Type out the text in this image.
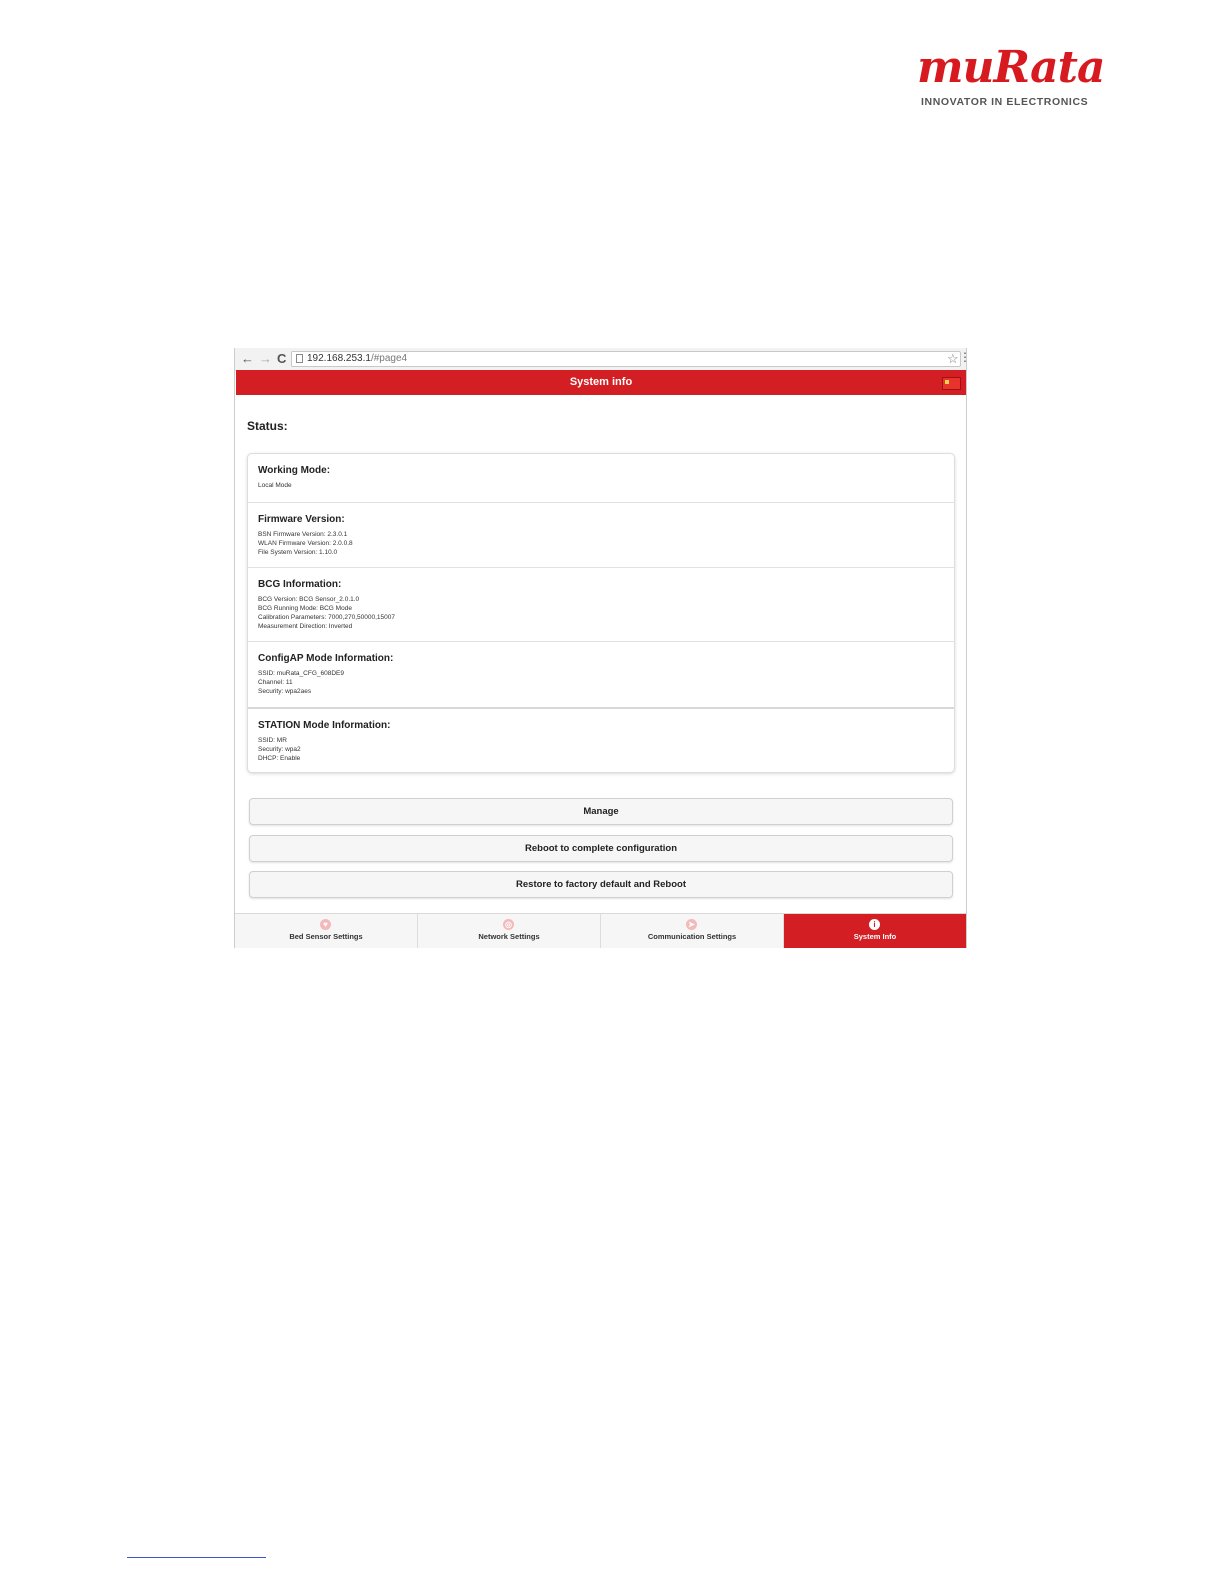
muRata
INNOVATOR IN ELECTRONICS
← → C	192.168.253.1/#page4	☆ ⋮
System info
Status:
Working Mode:
Local Mode
Firmware Version:
BSN Firmware Version: 2.3.0.1
WLAN Firmware Version: 2.0.0.8
File System Version: 1.10.0
BCG Information:
BCG Version: BCG Sensor_2.0.1.0
BCG Running Mode: BCG Mode
Calibration Parameters: 7000,270,50000,15007
Measurement Direction: Inverted
ConfigAP Mode Information:
SSID: muRata_CFG_608DE9
Channel: 11
Security: wpa2aes
STATION Mode Information:
SSID: MR
Security: wpa2
DHCP: Enable
Manage
Reboot to complete configuration
Restore to factory default and Reboot
♥
Bed Sensor Settings
◎
Network Settings
➤
Communication Settings
i
System Info
